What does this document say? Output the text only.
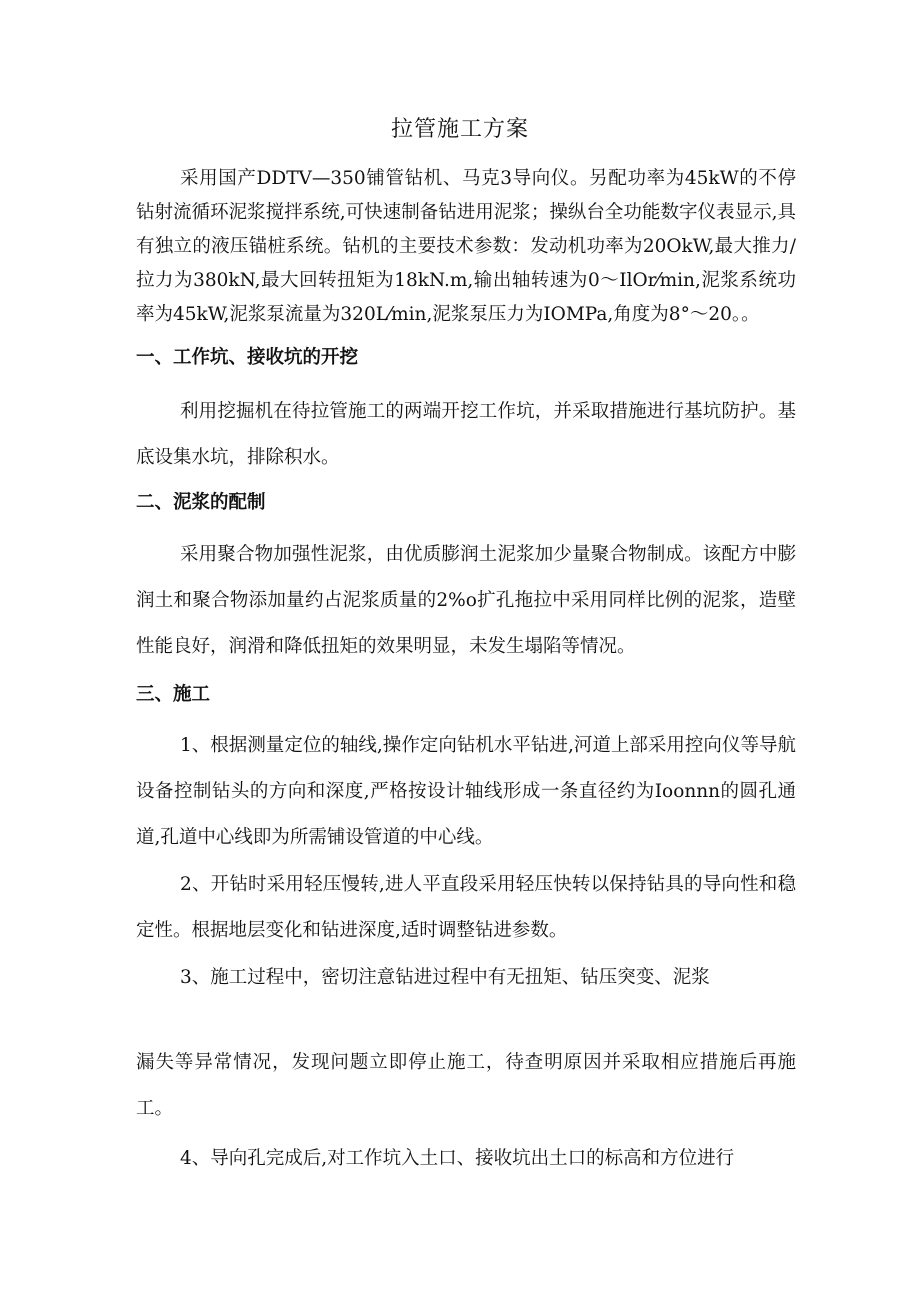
拉管施工方案

采用国产DDTV—350铺管钻机、马克3导向仪。另配功率为45kW的不停钻射流循环泥浆搅拌系统,可快速制备钻进用泥浆；操纵台全功能数字仪表显示,具有独立的液压锚桩系统。钻机的主要技术参数：发动机功率为20OkW,最大推力/拉力为380kN,最大回转扭矩为18kN.m,输出轴转速为0～IlOr⁄min,泥浆系统功率为45kW,泥浆泵流量为320L⁄min,泥浆泵压力为IOMPa,角度为8°～20。。

一、工作坑、接收坑的开挖

利用挖掘机在待拉管施工的两端开挖工作坑，并采取措施进行基坑防护。基底设集水坑，排除积水。

二、泥浆的配制

采用聚合物加强性泥浆，由优质膨润土泥浆加少量聚合物制成。该配方中膨润土和聚合物添加量约占泥浆质量的2%o扩孔拖拉中采用同样比例的泥浆，造壁性能良好，润滑和降低扭矩的效果明显，未发生塌陷等情况。

三、施工

1、根据测量定位的轴线,操作定向钻机水平钻进,河道上部采用控向仪等导航设备控制钻头的方向和深度,严格按设计轴线形成一条直径约为Ioonnn的圆孔通道,孔道中心线即为所需铺设管道的中心线。

2、开钻时采用轻压慢转,进人平直段采用轻压快转以保持钻具的导向性和稳定性。根据地层变化和钻进深度,适时调整钻进参数。

3、施工过程中，密切注意钻进过程中有无扭矩、钻压突变、泥浆

漏失等异常情况，发现问题立即停止施工，待查明原因并采取相应措施后再施工。

4、导向孔完成后,对工作坑入土口、接收坑出土口的标高和方位进行
